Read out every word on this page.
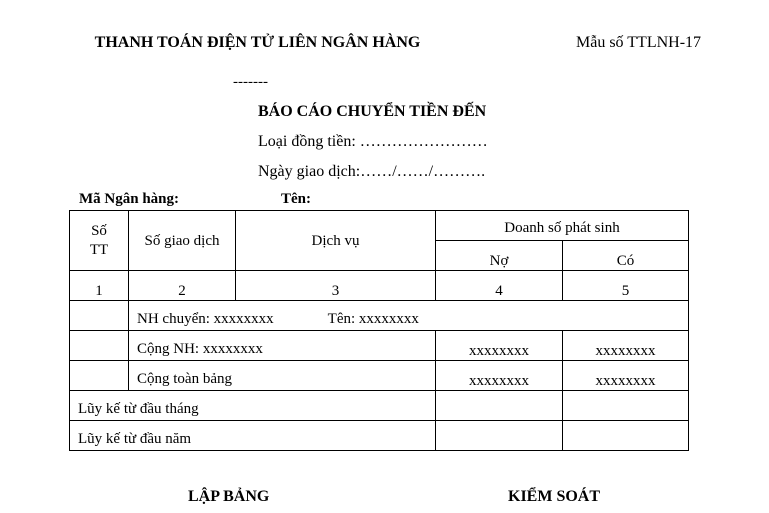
THANH TOÁN ĐIỆN TỬ LIÊN NGÂN HÀNG
-------
Mẫu số TTLNH-17
BÁO CÁO CHUYỂN TIỀN ĐẾN
Loại đồng tiền: ……………………
Ngày giao dịch:……/……/……….
Mã Ngân hàng:	Tên:
Số TT	Số giao dịch	Dịch vụ	Doanh số phát sinh	

			Nợ	Có

1	2	3	4	5

	NH chuyển: xxxxxxxx Tên: xxxxxxxx			

	Cộng NH: xxxxxxxx		xxxxxxxx	xxxxxxxx

	Cộng toàn bảng		xxxxxxxx	xxxxxxxx

Lũy kế từ đầu tháng				

Lũy kế từ đầu năm				

LẬP BẢNG	KIỂM SOÁT
